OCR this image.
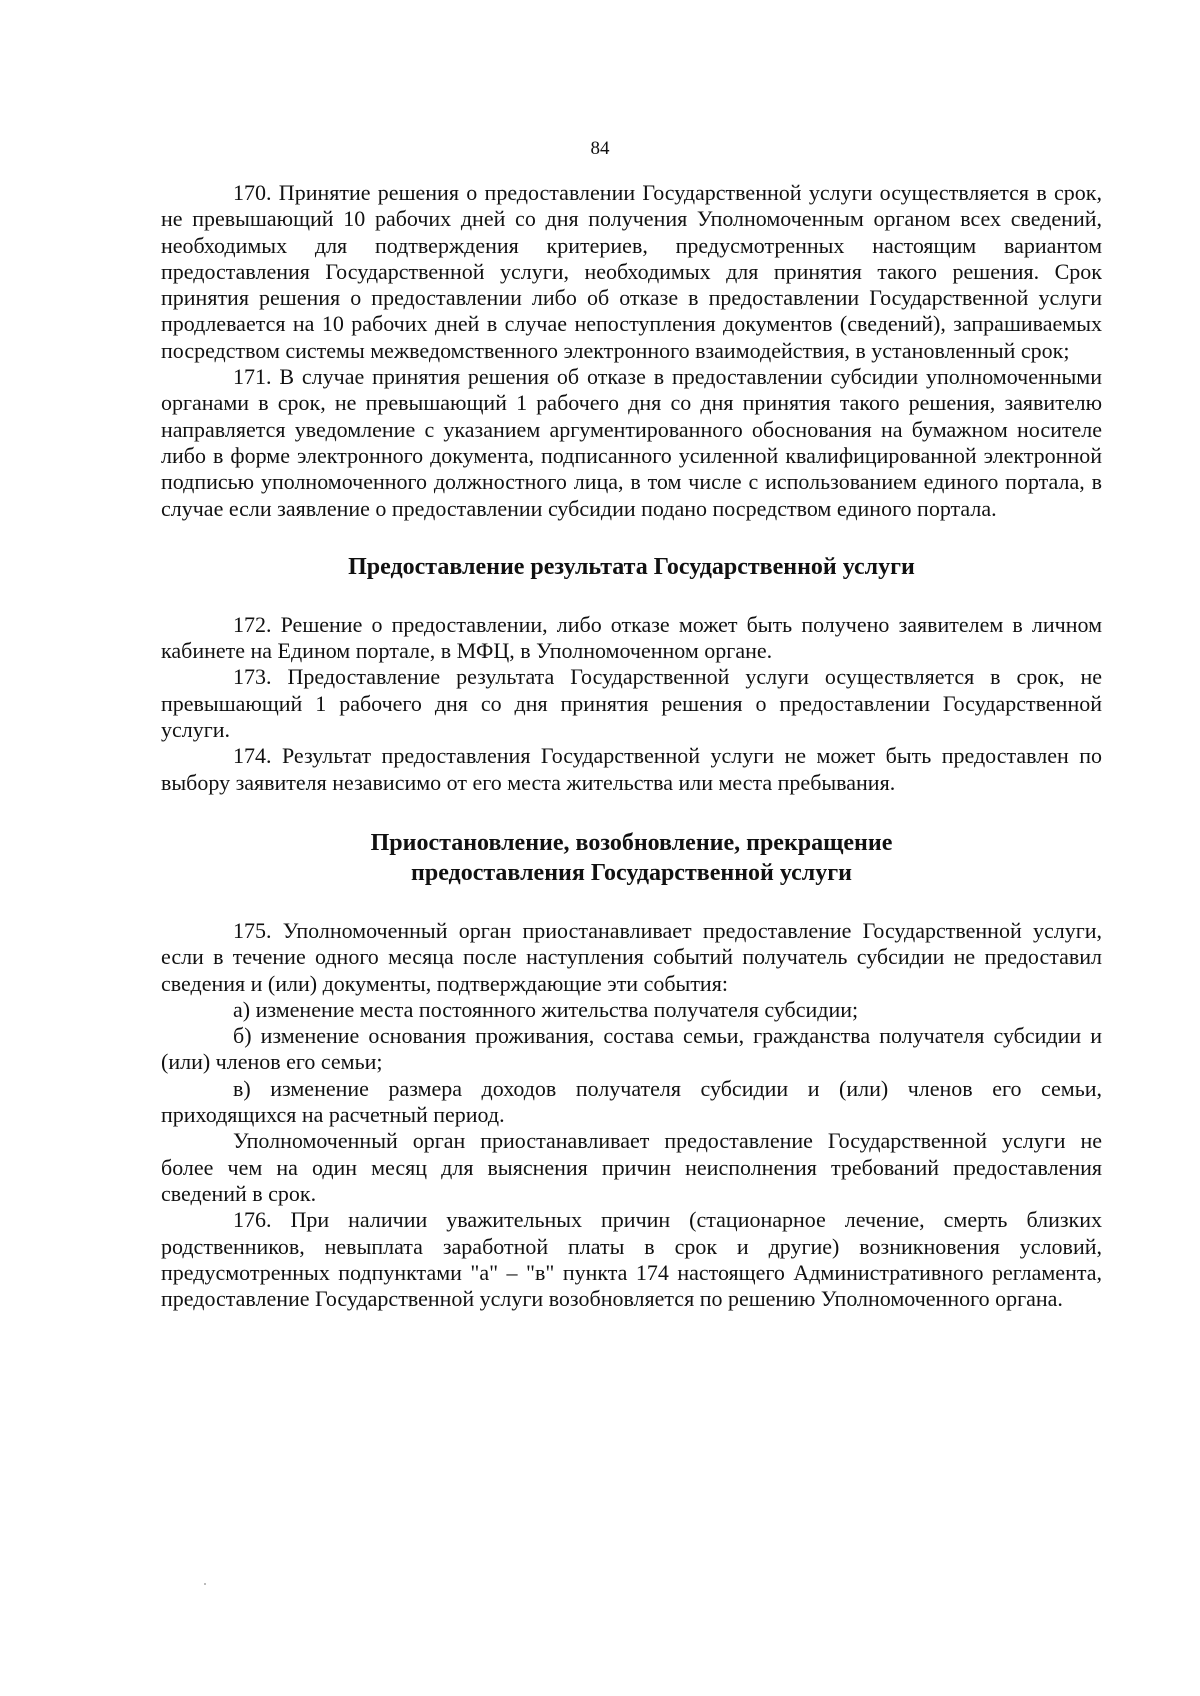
84

170. Принятие решения о предоставлении Государственной услуги осуществляется в срок, не превышающий 10 рабочих дней со дня получения Уполномоченным органом всех сведений, необходимых для подтверждения критериев, предусмотренных настоящим вариантом предоставления Государственной услуги, необходимых для принятия такого решения. Срок принятия решения о предоставлении либо об отказе в предоставлении Государственной услуги продлевается на 10 рабочих дней в случае непоступления документов (сведений), запрашиваемых посредством системы межведомственного электронного взаимодействия, в установленный срок;

171. В случае принятия решения об отказе в предоставлении субсидии уполномоченными органами в срок, не превышающий 1 рабочего дня со дня принятия такого решения, заявителю направляется уведомление с указанием аргументированного обоснования на бумажном носителе либо в форме электронного документа, подписанного усиленной квалифицированной электронной подписью уполномоченного должностного лица, в том числе с использованием единого портала, в случае если заявление о предоставлении субсидии подано посредством единого портала.

Предоставление результата Государственной услуги

172. Решение о предоставлении, либо отказе может быть получено заявителем в личном кабинете на Едином портале, в МФЦ, в Уполномоченном органе.

173. Предоставление результата Государственной услуги осуществляется в срок, не превышающий 1 рабочего дня со дня принятия решения о предоставлении Государственной услуги.

174. Результат предоставления Государственной услуги не может быть предоставлен по выбору заявителя независимо от его места жительства или места пребывания.

Приостановление, возобновление, прекращение
предоставления Государственной услуги

175. Уполномоченный орган приостанавливает предоставление Государственной услуги, если в течение одного месяца после наступления событий получатель субсидии не предоставил сведения и (или) документы, подтверждающие эти события:

а) изменение места постоянного жительства получателя субсидии;

б) изменение основания проживания, состава семьи, гражданства получателя субсидии и (или) членов его семьи;

в) изменение размера доходов получателя субсидии и (или) членов его семьи, приходящихся на расчетный период.

Уполномоченный орган приостанавливает предоставление Государственной услуги не более чем на один месяц для выяснения причин неисполнения требований предоставления сведений в срок.

176. При наличии уважительных причин (стационарное лечение, смерть близких родственников, невыплата заработной платы в срок и другие) возникновения условий, предусмотренных подпунктами "а" – "в" пункта 174 настоящего Административного регламента, предоставление Государственной услуги возобновляется по решению Уполномоченного органа.
